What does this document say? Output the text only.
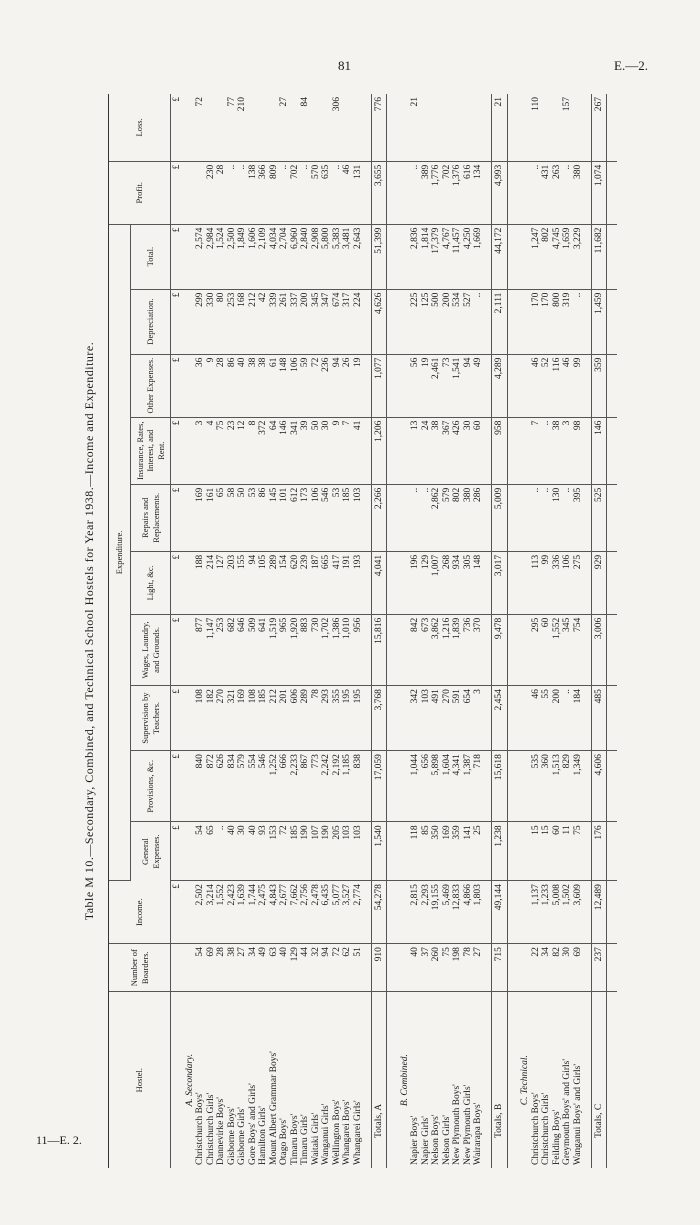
81	E.—2.
11—E. 2.
Table M 10.—Secondary, Combined, and Technical School Hostels for Year 1938.—Income and Expenditure.
Hostel.	Number of Boarders.	Income.	Expenditure.										Profit.	Loss.
			General Expenses.	Provisions, &c.	Supervision by Teachers.	Wages, Laundry, and Grounds.	Light, &c.	Repairs and Replacements.	Insurance, Rates, Interest, and Rent.	Other Expenses.	Depreciation.	Total.		
		£	£	£	£	£	£	£	£	£	£	£	£	£
A. Secondary.														
Christchurch Boys'	54	2,502	54	840	108	877	188	169	3	36	299	2,574		72
Christchurch Girls'	69	3,214	65	872	182	1,147	214	161	4	9	330	2,984	230	
Dannevirke Boys'	28	1,552	..	626	270	253	127	65	75	28	80	1,524	28	
Gisborne Boys'	38	2,423	40	834	321	682	203	58	23	86	253	2,500	..	77
Gisborne Girls'	27	1,639	30	579	169	646	155	50	12	40	168	1,849	..	210
Gore Boys' and Girls'	34	1,744	40	554	108	509	94	53	8	38	212	1,606	138	
Hamilton Girls'	49	2,475	93	546	185	641	105	86	372	38	42	2,109	366	
Mount Albert Grammar Boys'	63	4,843	153	1,252	212	1,519	289	145	64	61	339	4,034	809	
Otago Boys'	40	2,677	72	666	201	965	154	101	146	148	261	2,704	..	27
Timaru Boys'	129	7,662	185	2,233	606	1,920	620	612	341	106	337	6,960	702	
Timaru Girls'	44	2,756	190	867	289	883	239	173	39	59	200	2,840	..	84
Waitaki Girls'	32	2,478	107	773	78	730	187	106	50	72	345	2,908	570	
Wanganui Girls'	94	6,435	190	2,242	293	1,702	665	546	30	236	347	5,800	635	
Wellington Boys'	72	5,077	205	2,192	355	1,386	417	53	9	94	674	5,383	..	306
Whangarei Boys'	62	3,527	103	1,185	195	1,010	191	185	7	26	317	3,481	46	
Whangarei Girls'	51	2,774	103	838	195	956	193	103	41	19	224	2,643	131	

Totals, A	910	54,278	1,540	17,059	3,768	15,816	4,041	2,266	1,206	1,077	4,626	51,399	3,655	776

B. Combined.														
Napier Boys'	40	2,815	118	1,044	342	842	196	..	13	56	225	2,836	..	21
Napier Girls'	37	2,293	85	656	103	673	129	..	24	19	125	1,814	389	
Nelson Boys'	260	19,155	350	5,898	491	3,862	1,007	2,862	38	2,461	500	17,379	1,776	
Nelson Girls'	75	5,469	169	1,604	270	1,216	268	579	367	73	200	4,767	702	
New Plymouth Boys'	198	12,833	359	4,341	591	1,839	934	802	426	1,541	534	11,457	1,376	
New Plymouth Girls'	78	4,866	141	1,387	654	736	305	380	30	94	527	4,250	616	
Wairarapa Boys'	27	1,803	25	718	3	370	148	286	60	49	..	1,669	134	

Totals, B	715	49,144	1,238	15,618	2,454	9,478	3,017	5,009	958	4,289	2,111	44,172	4,993	21

C. Technical.														
Christchurch Boys'	22	1,137	15	535	46	295	113	..	7	46	170	1,247	..	110
Christchurch Girls'	34	1,233	15	360	55	60	99	..	..	52	170	802	431	
Feilding Boys'	82	5,008	60	1,513	200	1,552	336	130	38	116	800	4,745	263	
Greymouth Boys' and Girls'	30	1,502	11	829	..	345	106	..	3	46	319	1,659	..	157
Wanganui Boys' and Girls'	69	3,609	75	1,349	184	754	275	395	98	99	..	3,229	380	

Totals, C	237	12,489	176	4,606	485	3,006	929	525	146	359	1,459	11,682	1,074	267
